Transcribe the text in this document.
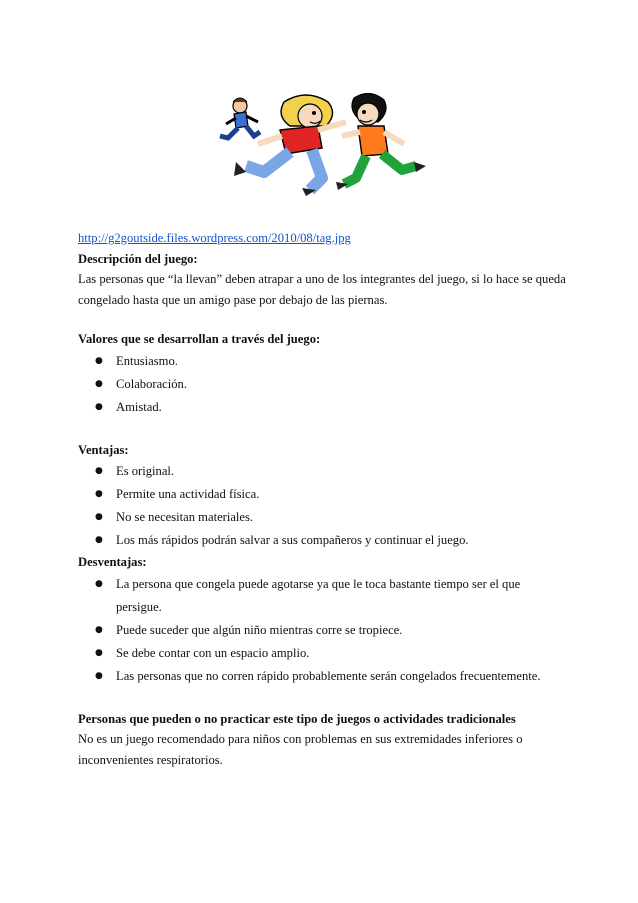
http://g2goutside.files.wordpress.com/2010/08/tag.jpg
Descripción del juego:

Las personas que “la llevan” deben atrapar a uno de los integrantes del juego, si lo hace se queda congelado hasta que un amigo pase por debajo de las piernas.

Valores que se desarrollan a través del juego:
● Entusiasmo.
● Colaboración.
● Amistad.
Ventajas:
● Es original.
● Permite una actividad física.
● No se necesitan materiales.
● Los más rápidos podrán salvar a sus compañeros y continuar el juego.
Desventajas:
● La persona que congela puede agotarse ya que le toca bastante tiempo ser el que persigue.
● Puede suceder que algún niño mientras corre se tropiece.
● Se debe contar con un espacio amplio.
● Las personas que no corren rápido probablemente serán congelados frecuentemente.
Personas que pueden o no practicar este tipo de juegos o actividades tradicionales

No es un juego recomendado para niños con problemas en sus extremidades inferiores o inconvenientes respiratorios.
